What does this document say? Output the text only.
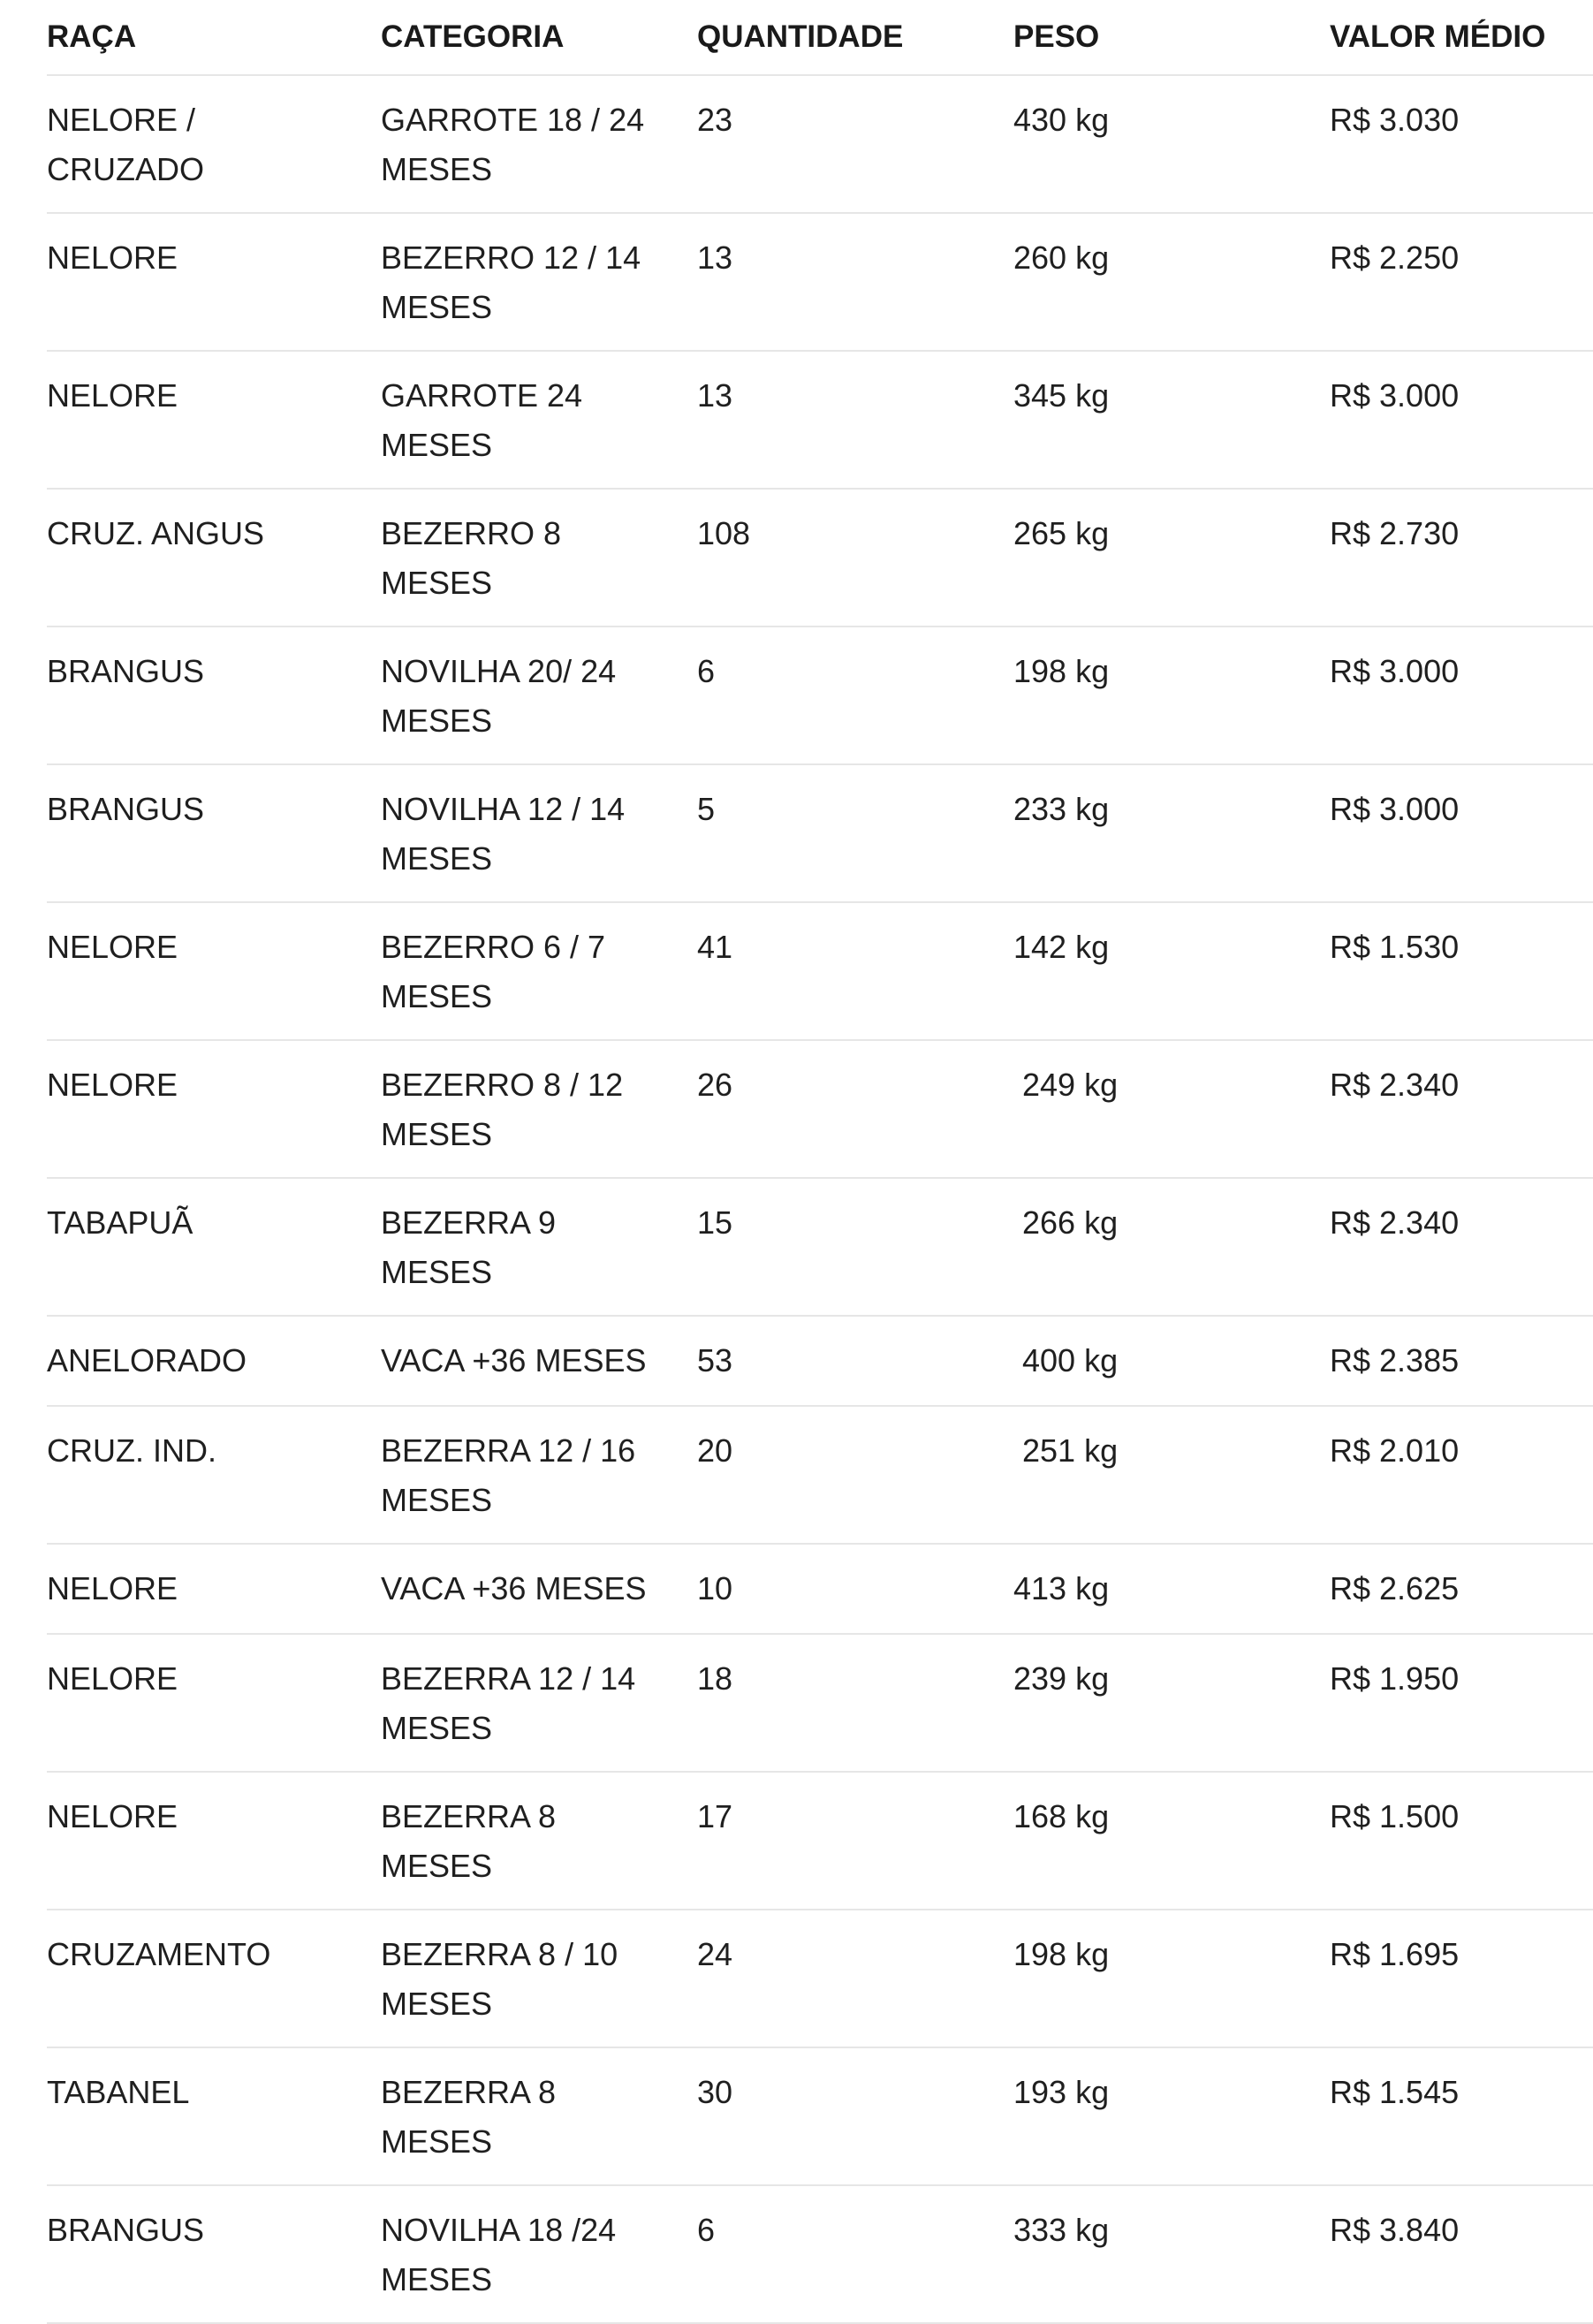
RAÇA	CATEGORIA	QUANTIDADE	PESO	VALOR MÉDIO
NELORE / CRUZADO	GARROTE 18 / 24 MESES	23	430 kg	R$ 3.030
NELORE	BEZERRO 12 / 14 MESES	13	260 kg	R$ 2.250
NELORE	GARROTE 24 MESES	13	345 kg	R$ 3.000
CRUZ. ANGUS	BEZERRO 8 MESES	108	265 kg	R$ 2.730
BRANGUS	NOVILHA 20/ 24 MESES	6	198 kg	R$ 3.000
BRANGUS	NOVILHA 12 / 14 MESES	5	233 kg	R$ 3.000
NELORE	BEZERRO 6 / 7 MESES	41	142 kg	R$ 1.530
NELORE	BEZERRO 8 / 12 MESES	26	249 kg	R$ 2.340
TABAPUÃ	BEZERRA 9 MESES	15	266 kg	R$ 2.340
ANELORADO	VACA +36 MESES	53	400 kg	R$ 2.385
CRUZ. IND.	BEZERRA 12 / 16 MESES	20	251 kg	R$ 2.010
NELORE	VACA +36 MESES	10	413 kg	R$ 2.625
NELORE	BEZERRA 12 / 14 MESES	18	239 kg	R$ 1.950
NELORE	BEZERRA 8 MESES	17	168 kg	R$ 1.500
CRUZAMENTO	BEZERRA 8 / 10 MESES	24	198 kg	R$ 1.695
TABANEL	BEZERRA 8 MESES	30	193 kg	R$ 1.545
BRANGUS	NOVILHA 18 /24 MESES	6	333 kg	R$ 3.840
